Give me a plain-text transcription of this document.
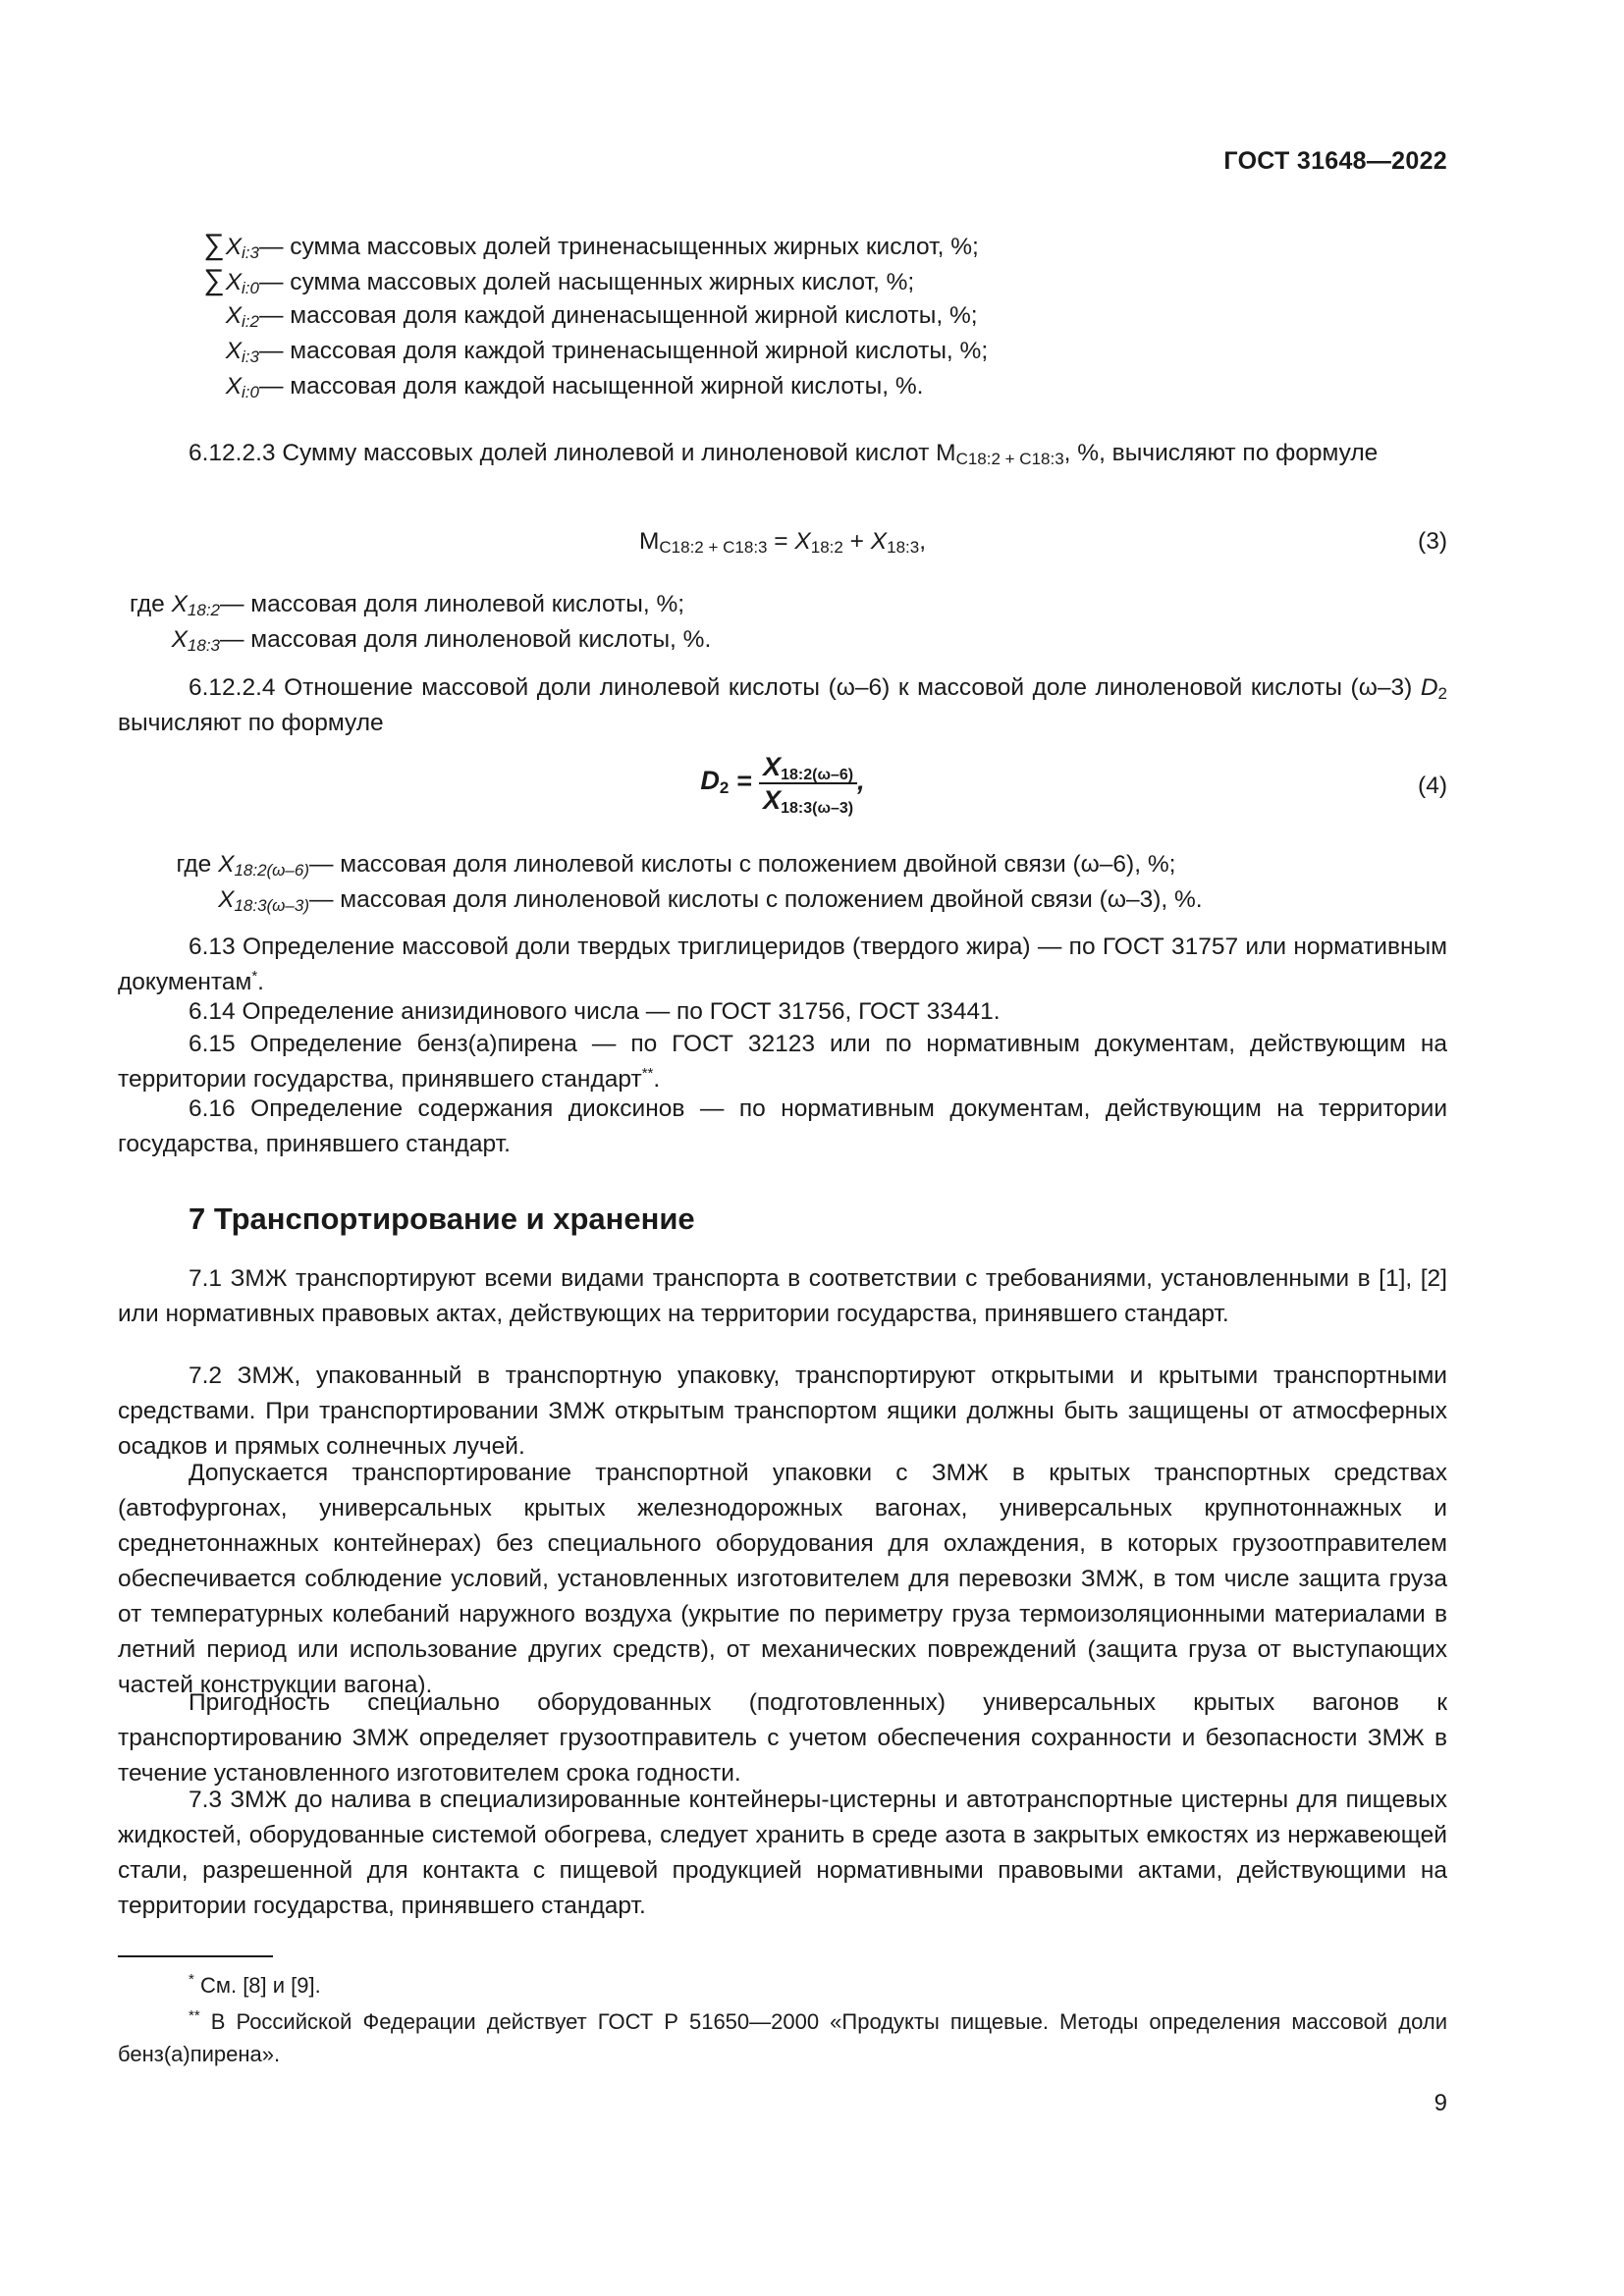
ГОСТ 31648—2022
$\sum X_{i:3}$ — сумма массовых долей триненасыщенных жирных кислот, %;
$\sum X_{i:0}$ — сумма массовых долей насыщенных жирных кислот, %;
$X_{i:2}$ — массовая доля каждой диненасыщенной жирной кислоты, %;
$X_{i:3}$ — массовая доля каждой триненасыщенной жирной кислоты, %;
$X_{i:0}$ — массовая доля каждой насыщенной жирной кислоты, %.

6.12.2.3 Сумму массовых долей линолевой и линоленовой кислот $М_{C18:2 + C18:3}$, %, вычисляют по формуле

$М_{C18:2 + C18:3} = X_{18:2} + X_{18:3}$,	(3)
где $X_{18:2}$ — массовая доля линолевой кислоты, %;
$X_{18:3}$ — массовая доля линоленовой кислоты, %.

6.12.2.4 Отношение массовой доли линолевой кислоты (ω–6) к массовой доле линоленовой кислоты (ω–3) $D_2$ вычисляют по формуле

$D_2 = \frac{X_{18:2(\omega-6)}}{X_{18:3(\omega-3)}}$ ,	(4)
где $X_{18:2(\omega-6)}$ — массовая доля линолевой кислоты с положением двойной связи (ω–6), %;
$X_{18:3(\omega-3)}$ — массовая доля линоленовой кислоты с положением двойной связи (ω–3), %.

6.13 Определение массовой доли твердых триглицеридов (твердого жира) — по ГОСТ 31757 или нормативным документам*.

6.14 Определение анизидинового числа — по ГОСТ 31756, ГОСТ 33441.

6.15 Определение бенз(а)пирена — по ГОСТ 32123 или по нормативным документам, действующим на территории государства, принявшего стандарт**.

6.16 Определение содержания диоксинов — по нормативным документам, действующим на территории государства, принявшего стандарт.

7 Транспортирование и хранение

7.1 ЗМЖ транспортируют всеми видами транспорта в соответствии с требованиями, установленными в [1], [2] или нормативных правовых актах, действующих на территории государства, принявшего стандарт.

7.2 ЗМЖ, упакованный в транспортную упаковку, транспортируют открытыми и крытыми транспортными средствами. При транспортировании ЗМЖ открытым транспортом ящики должны быть защищены от атмосферных осадков и прямых солнечных лучей.

Допускается транспортирование транспортной упаковки с ЗМЖ в крытых транспортных средствах (автофургонах, универсальных крытых железнодорожных вагонах, универсальных крупнотоннажных и среднетоннажных контейнерах) без специального оборудования для охлаждения, в которых грузоотправителем обеспечивается соблюдение условий, установленных изготовителем для перевозки ЗМЖ, в том числе защита груза от температурных колебаний наружного воздуха (укрытие по периметру груза термоизоляционными материалами в летний период или использование других средств), от механических повреждений (защита груза от выступающих частей конструкции вагона).

Пригодность специально оборудованных (подготовленных) универсальных крытых вагонов к транспортированию ЗМЖ определяет грузоотправитель с учетом обеспечения сохранности и безопасности ЗМЖ в течение установленного изготовителем срока годности.

7.3 ЗМЖ до налива в специализированные контейнеры-цистерны и автотранспортные цистерны для пищевых жидкостей, оборудованные системой обогрева, следует хранить в среде азота в закрытых емкостях из нержавеющей стали, разрешенной для контакта с пищевой продукцией нормативными правовыми актами, действующими на территории государства, принявшего стандарт.

* См. [8] и [9].

** В Российской Федерации действует ГОСТ Р 51650—2000 «Продукты пищевые. Методы определения массовой доли бенз(а)пирена».

9
